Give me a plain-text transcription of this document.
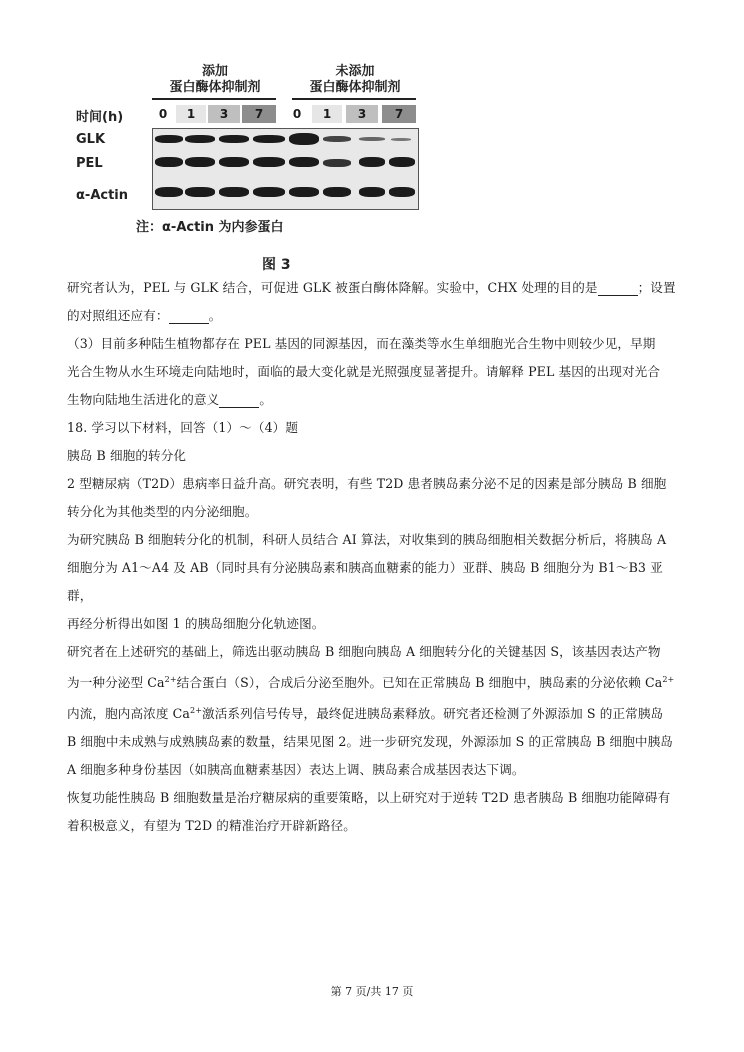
添加
蛋白酶体抑制剂
未添加
蛋白酶体抑制剂
时间(h)	0	1	3	7	0	1	3	7
GLK
PEL
α-Actin
注：α-Actin 为内参蛋白
图 3

研究者认为，PEL 与 GLK 结合，可促进 GLK 被蛋白酶体降解。实验中，CHX 处理的目的是	；设置

的对照组还应有：	。

（3）目前多种陆生植物都存在 PEL 基因的同源基因，而在藻类等水生单细胞光合生物中则较少见，早期

光合生物从水生环境走向陆地时，面临的最大变化就是光照强度显著提升。请解释 PEL 基因的出现对光合

生物向陆地生活进化的意义	。

18. 学习以下材料，回答（1）～（4）题

胰岛 B 细胞的转分化

2 型糖尿病（T2D）患病率日益升高。研究表明，有些 T2D 患者胰岛素分泌不足的因素是部分胰岛 B 细胞

转分化为其他类型的内分泌细胞。

为研究胰岛 B 细胞转分化的机制，科研人员结合 AI 算法，对收集到的胰岛细胞相关数据分析后，将胰岛 A

细胞分为 A1～A4 及 AB（同时具有分泌胰岛素和胰高血糖素的能力）亚群、胰岛 B 细胞分为 B1～B3 亚群，

再经分析得出如图 1 的胰岛细胞分化轨迹图。

研究者在上述研究的基础上，筛选出驱动胰岛 B 细胞向胰岛 A 细胞转分化的关键基因 S，该基因表达产物

为一种分泌型 $Ca^{2+}$结合蛋白（S），合成后分泌至胞外。已知在正常胰岛 B 细胞中，胰岛素的分泌依赖 $Ca^{2+}$

内流，胞内高浓度 $Ca^{2+}$激活系列信号传导，最终促进胰岛素释放。研究者还检测了外源添加 S 的正常胰岛

B 细胞中未成熟与成熟胰岛素的数量，结果见图 2。进一步研究发现，外源添加 S 的正常胰岛 B 细胞中胰岛

A 细胞多种身份基因（如胰高血糖素基因）表达上调、胰岛素合成基因表达下调。

恢复功能性胰岛 B 细胞数量是治疗糖尿病的重要策略，以上研究对于逆转 T2D 患者胰岛 B 细胞功能障碍有

着积极意义，有望为 T2D 的精准治疗开辟新路径。

第 7 页/共 17 页
